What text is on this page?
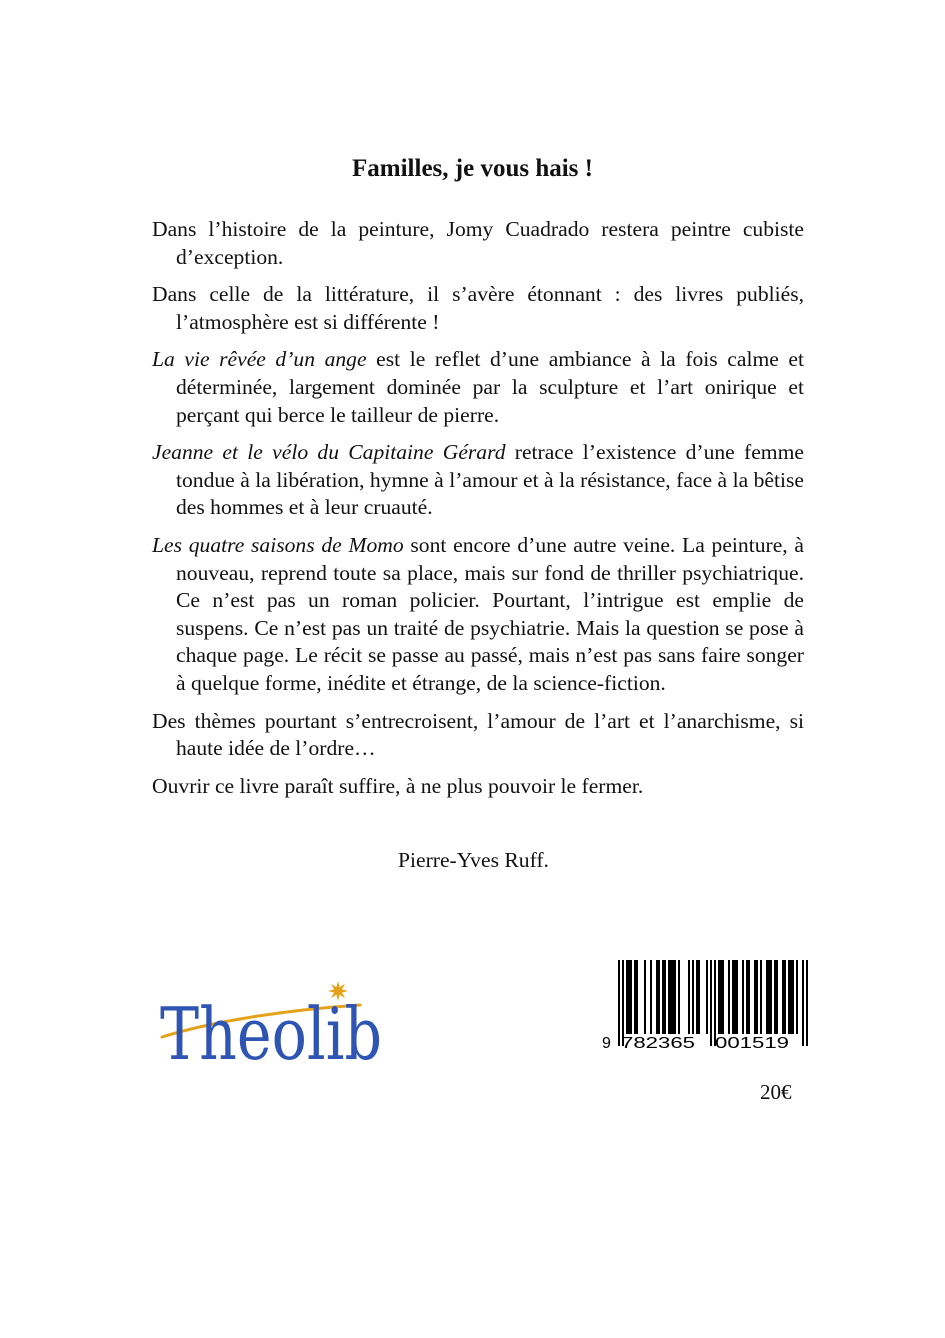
Familles, je vous hais !

Dans l’histoire de la peinture, Jomy Cuadrado restera peintre cubiste d’exception.

Dans celle de la littérature, il s’avère étonnant : des livres publiés, l’atmosphère est si différente !

La vie rêvée d’un ange est le reflet d’une ambiance à la fois calme et déterminée, largement dominée par la sculpture et l’art onirique et perçant qui berce le tailleur de pierre.

Jeanne et le vélo du Capitaine Gérard retrace l’existence d’une femme tondue à la libération, hymne à l’amour et à la résistance, face à la bêtise des hommes et à leur cruauté.

Les quatre saisons de Momo sont encore d’une autre veine. La peinture, à nouveau, reprend toute sa place, mais sur fond de thriller psychiatrique. Ce n’est pas un roman policier. Pourtant, l’intrigue est emplie de suspens. Ce n’est pas un traité de psychiatrie. Mais la question se pose à chaque page. Le récit se passe au passé, mais n’est pas sans faire songer à quelque forme, inédite et étrange, de la science-fiction.

Des thèmes pourtant s’entrecroisent, l’amour de l’art et l’anarchisme, si haute idée de l’ordre…

Ouvrir ce livre paraît suffire, à ne plus pouvoir le fermer.

Pierre-Yves Ruff.
Theolib	9 782365 001519
20€
